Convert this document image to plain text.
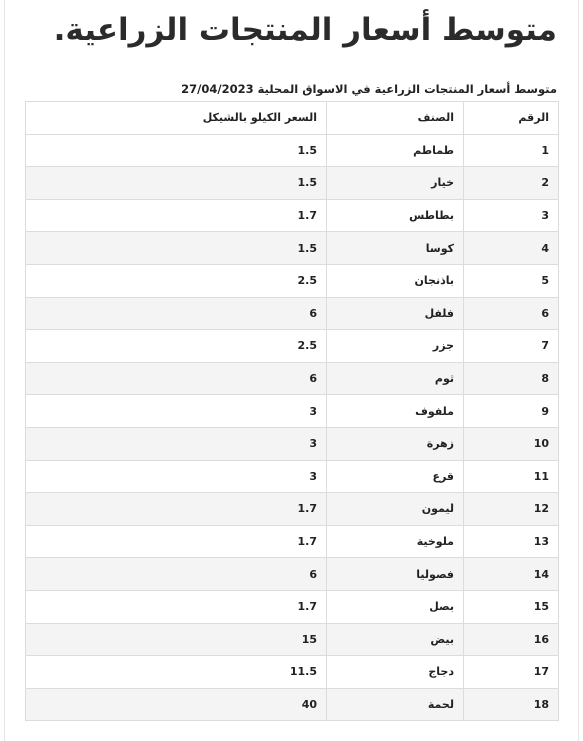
متوسط أسعار المنتجات الزراعية.
متوسط أسعار المنتجات الزراعية في الاسواق المحلية 27/04/2023
الرقم	الصنف	السعر الكيلو بالشيكل
1	طماطم	1.5
2	خيار	1.5
3	بطاطس	1.7
4	كوسا	1.5
5	باذنجان	2.5
6	فلفل	6
7	جزر	2.5
8	ثوم	6
9	ملفوف	3
10	زهرة	3
11	قرع	3
12	ليمون	1.7
13	ملوخية	1.7
14	فصوليا	6
15	بصل	1.7
16	بيض	15
17	دجاج	11.5
18	لحمة	40
